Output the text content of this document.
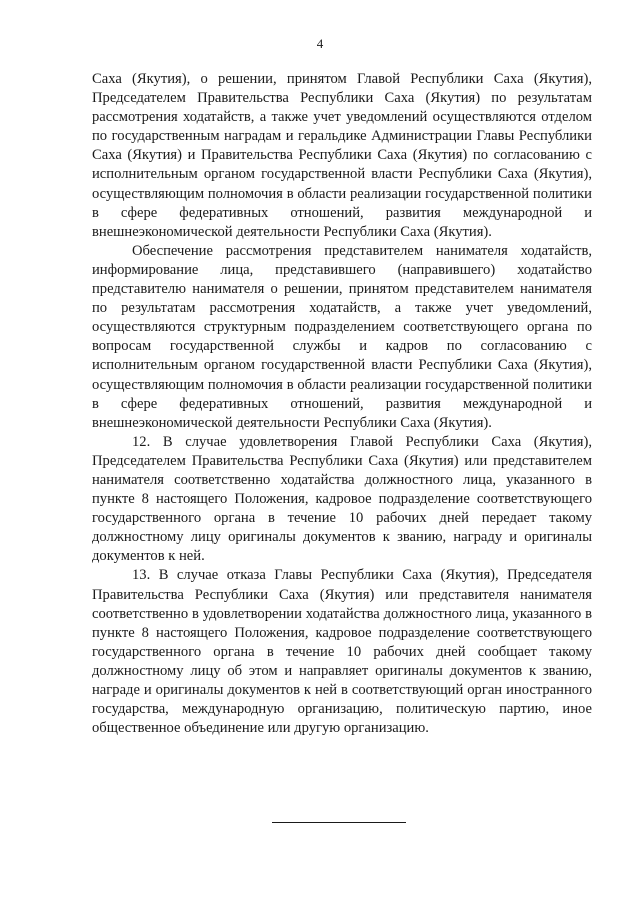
4

Саха (Якутия), о решении, принятом Главой Республики Саха (Якутия), Председателем Правительства Республики Саха (Якутия) по результатам рассмотрения ходатайств, а также учет уведомлений осуществляются отделом по государственным наградам и геральдике Администрации Главы Республики Саха (Якутия) и Правительства Республики Саха (Якутия) по согласованию с исполнительным органом государственной власти Республики Саха (Якутия), осуществляющим полномочия в области реализации государственной политики в сфере федеративных отношений, развития международной и внешнеэкономической деятельности Республики Саха (Якутия).

Обеспечение рассмотрения представителем нанимателя ходатайств, информирование лица, представившего (направившего) ходатайство представителю нанимателя о решении, принятом представителем нанимателя по результатам рассмотрения ходатайств, а также учет уведомлений, осуществляются структурным подразделением соответствующего органа по вопросам государственной службы и кадров по согласованию с исполнительным органом государственной власти Республики Саха (Якутия), осуществляющим полномочия в области реализации государственной политики в сфере федеративных отношений, развития международной и внешнеэкономической деятельности Республики Саха (Якутия).

12. В случае удовлетворения Главой Республики Саха (Якутия), Председателем Правительства Республики Саха (Якутия) или представителем нанимателя соответственно ходатайства должностного лица, указанного в пункте 8 настоящего Положения, кадровое подразделение соответствующего государственного органа в течение 10 рабочих дней передает такому должностному лицу оригиналы документов к званию, награду и оригиналы документов к ней.

13. В случае отказа Главы Республики Саха (Якутия), Председателя Правительства Республики Саха (Якутия) или представителя нанимателя соответственно в удовлетворении ходатайства должностного лица, указанного в пункте 8 настоящего Положения, кадровое подразделение соответствующего государственного органа в течение 10 рабочих дней сообщает такому должностному лицу об этом и направляет оригиналы документов к званию, награде и оригиналы документов к ней в соответствующий орган иностранного государства, международную организацию, политическую партию, иное общественное объединение или другую организацию.
